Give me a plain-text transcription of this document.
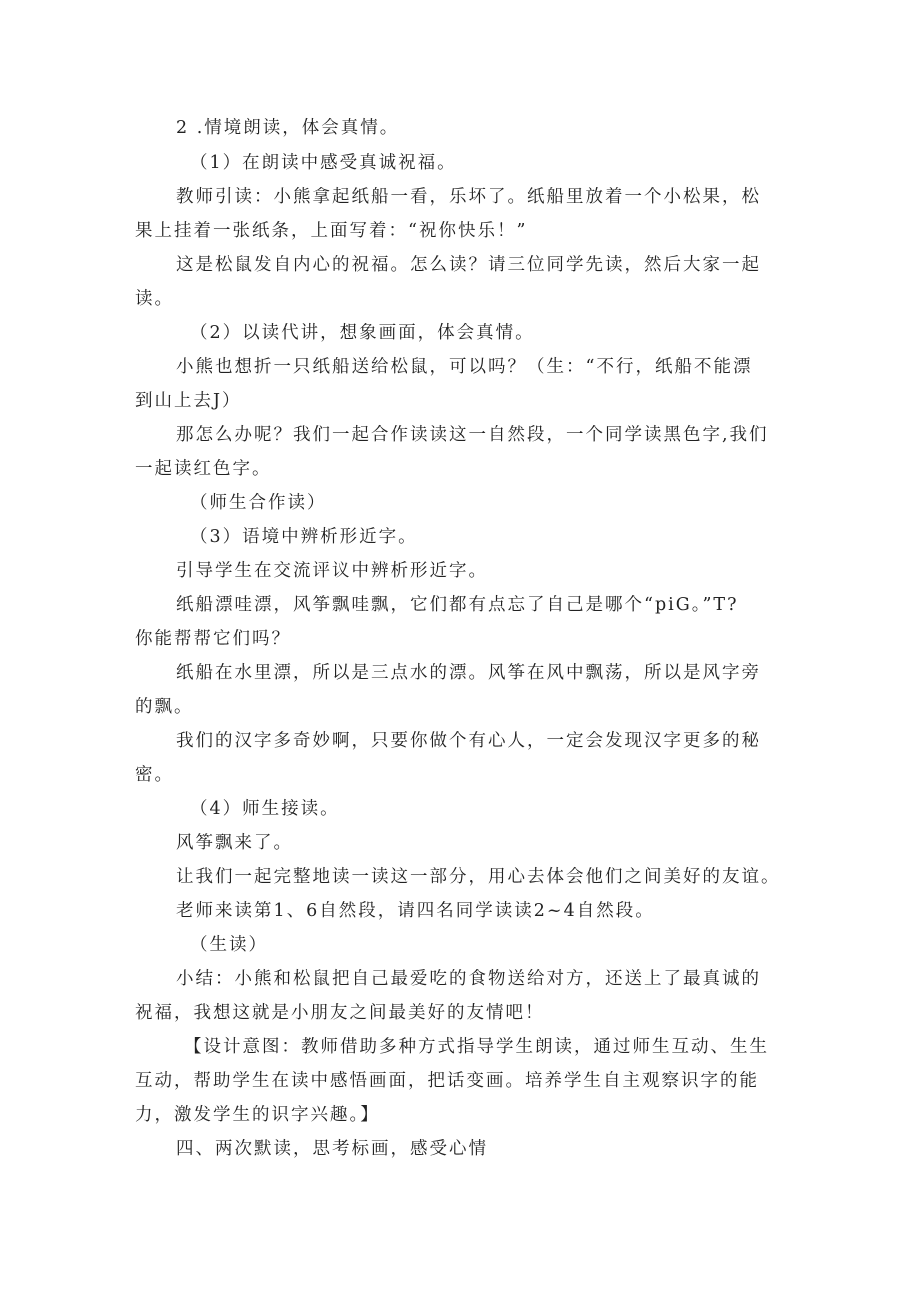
2 .情境朗读，体会真情。
（1）在朗读中感受真诚祝福。
教师引读：小熊拿起纸船一看，乐坏了。纸船里放着一个小松果，松
果上挂着一张纸条，上面写着：“祝你快乐！”
这是松鼠发自内心的祝福。怎么读？请三位同学先读，然后大家一起
读。
（2）以读代讲，想象画面，体会真情。
小熊也想折一只纸船送给松鼠，可以吗？（生：“不行，纸船不能漂
到山上去J）
那怎么办呢？我们一起合作读读这一自然段，一个同学读黑色字,我们
一起读红色字。
（师生合作读）
（3）语境中辨析形近字。
引导学生在交流评议中辨析形近字。
纸船漂哇漂，风筝飘哇飘，它们都有点忘了自己是哪个“piG。”T?
你能帮帮它们吗？
纸船在水里漂，所以是三点水的漂。风筝在风中飘荡，所以是风字旁
的飘。
我们的汉字多奇妙啊，只要你做个有心人，一定会发现汉字更多的秘
密。
（4）师生接读。
风筝飘来了。
让我们一起完整地读一读这一部分，用心去体会他们之间美好的友谊。
老师来读第1、6自然段，请四名同学读读2~4自然段。
（生读）
小结：小熊和松鼠把自己最爱吃的食物送给对方，还送上了最真诚的
祝福，我想这就是小朋友之间最美好的友情吧！
【设计意图：教师借助多种方式指导学生朗读，通过师生互动、生生
互动，帮助学生在读中感悟画面，把话变画。培养学生自主观察识字的能
力，激发学生的识字兴趣。】
四、两次默读，思考标画，感受心情
